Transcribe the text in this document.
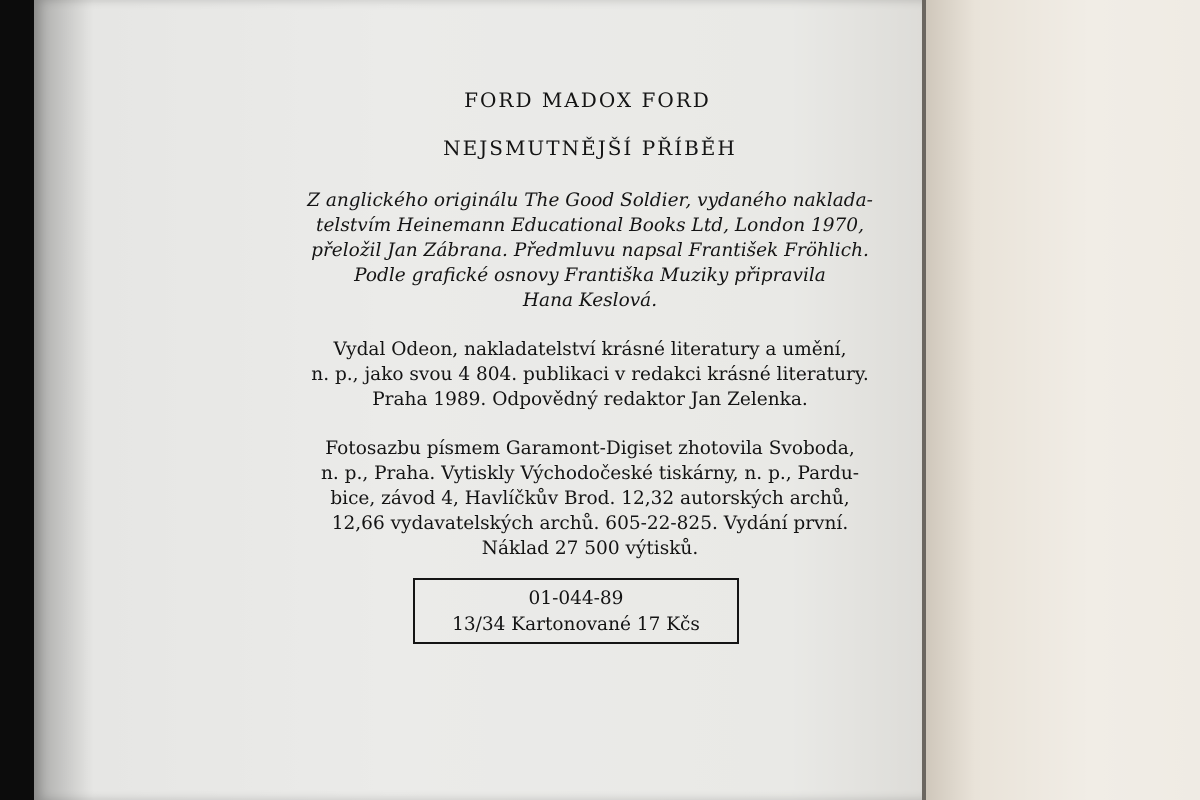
FORD MADOX FORD

NEJSMUTNĚJŠÍ PŘÍBĚH

Z anglického originálu The Good Soldier, vydaného naklada-
telstvím Heinemann Educational Books Ltd, London 1970,
přeložil Jan Zábrana. Předmluvu napsal František Fröhlich.
Podle grafické osnovy Františka Muziky připravila
Hana Keslová.
Vydal Odeon, nakladatelství krásné literatury a umění,
n. p., jako svou 4 804. publikaci v redakci krásné literatury.
Praha 1989. Odpovědný redaktor Jan Zelenka.
Fotosazbu písmem Garamont-Digiset zhotovila Svoboda,
n. p., Praha. Vytiskly Východočeské tiskárny, n. p., Pardu-
bice, závod 4, Havlíčkův Brod. 12,32 autorských archů,
12,66 vydavatelských archů. 605-22-825. Vydání první.
Náklad 27 500 výtisků.
01-044-89
13/34 Kartonované 17 Kčs
